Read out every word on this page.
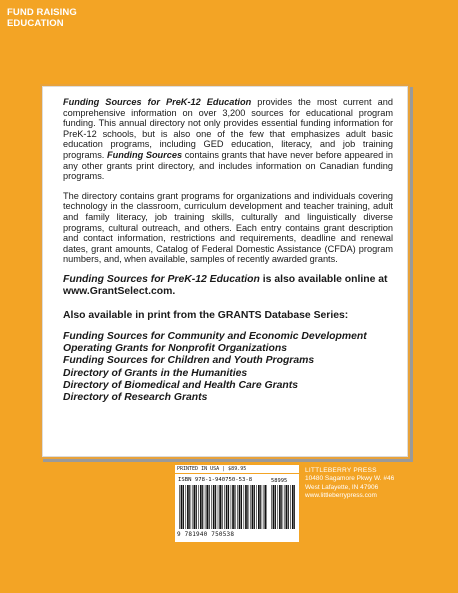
FUND RAISING
EDUCATION

Funding Sources for PreK-12 Education provides the most current and comprehensive information on over 3,200 sources for educational program funding. This annual directory not only provides essential funding information for PreK-12 schools, but is also one of the few that emphasizes adult basic education programs, including GED education, literacy, and job training programs. Funding Sources contains grants that have never before appeared in any other grants print directory, and includes information on Canadian funding programs.

The directory contains grant programs for organizations and individuals covering technology in the classroom, curriculum development and teacher training, adult and family literacy, job training skills, culturally and linguistically diverse programs, cultural outreach, and others. Each entry contains grant description and contact information, restrictions and requirements, deadline and renewal dates, grant amounts, Catalog of Federal Domestic Assistance (CFDA) program numbers, and, when available, samples of recently awarded grants.

Funding Sources for PreK-12 Education is also available online at www.GrantSelect.com.

Also available in print from the GRANTS Database Series:

Funding Sources for Community and Economic Development
Operating Grants for Nonprofit Organizations
Funding Sources for Children and Youth Programs
Directory of Grants in the Humanities
Directory of Biomedical and Health Care Grants
Directory of Research Grants
PRINTED IN USA | $89.95
ISBN 978-1-940750-53-8	58995
9 781940 750538
LITTLEBERRY PRESS
10480 Sagamore Pkwy W. #46
West Lafayette, IN 47906
www.littleberrypress.com
